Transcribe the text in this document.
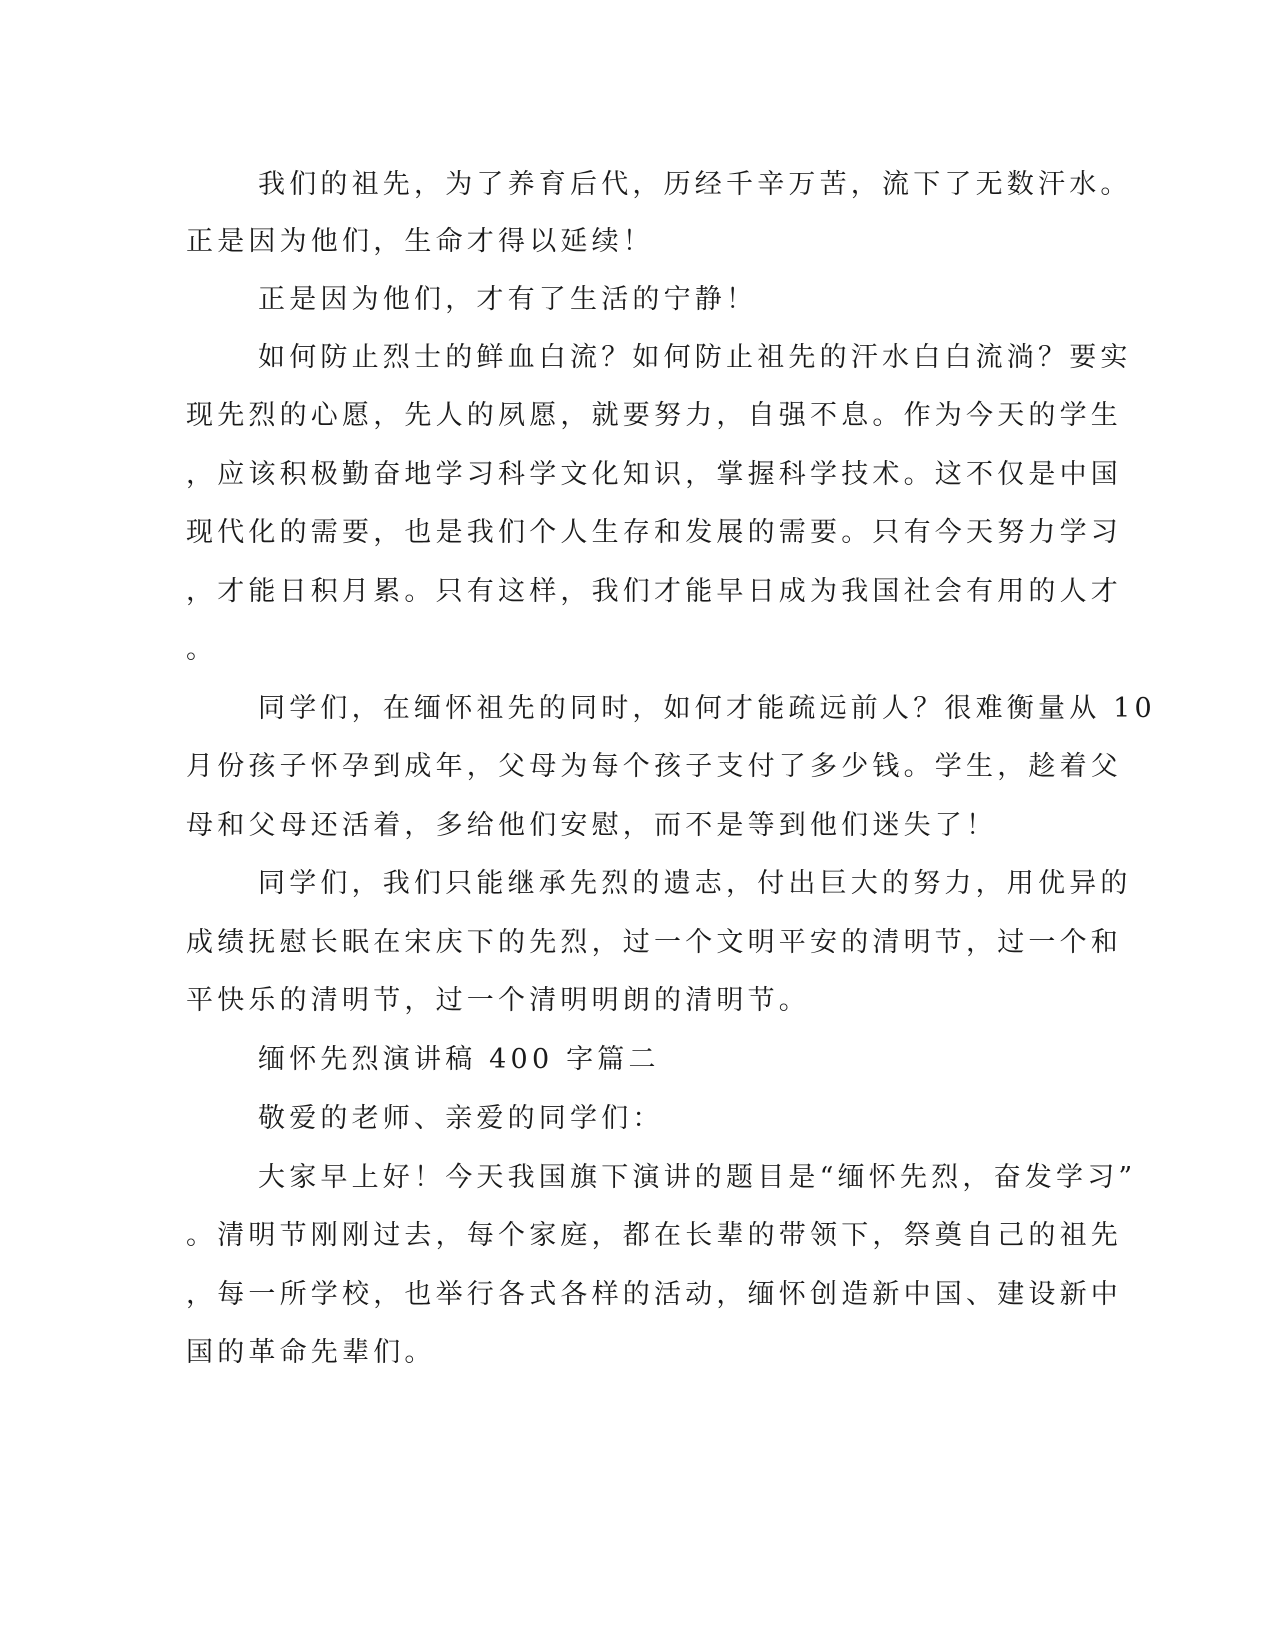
我们的祖先，为了养育后代，历经千辛万苦，流下了无数汗水。

正是因为他们，生命才得以延续！

正是因为他们，才有了生活的宁静！

如何防止烈士的鲜血白流？如何防止祖先的汗水白白流淌？要实

现先烈的心愿，先人的夙愿，就要努力，自强不息。作为今天的学生

，应该积极勤奋地学习科学文化知识，掌握科学技术。这不仅是中国

现代化的需要，也是我们个人生存和发展的需要。只有今天努力学习

，才能日积月累。只有这样，我们才能早日成为我国社会有用的人才

。

同学们，在缅怀祖先的同时，如何才能疏远前人？很难衡量从 10

月份孩子怀孕到成年，父母为每个孩子支付了多少钱。学生，趁着父

母和父母还活着，多给他们安慰，而不是等到他们迷失了！

同学们，我们只能继承先烈的遗志，付出巨大的努力，用优异的

成绩抚慰长眠在宋庆下的先烈，过一个文明平安的清明节，过一个和

平快乐的清明节，过一个清明明朗的清明节。

缅怀先烈演讲稿 400 字篇二

敬爱的老师、亲爱的同学们：

大家早上好！今天我国旗下演讲的题目是“缅怀先烈，奋发学习”

。清明节刚刚过去，每个家庭，都在长辈的带领下，祭奠自己的祖先

，每一所学校，也举行各式各样的活动，缅怀创造新中国、建设新中

国的革命先辈们。
